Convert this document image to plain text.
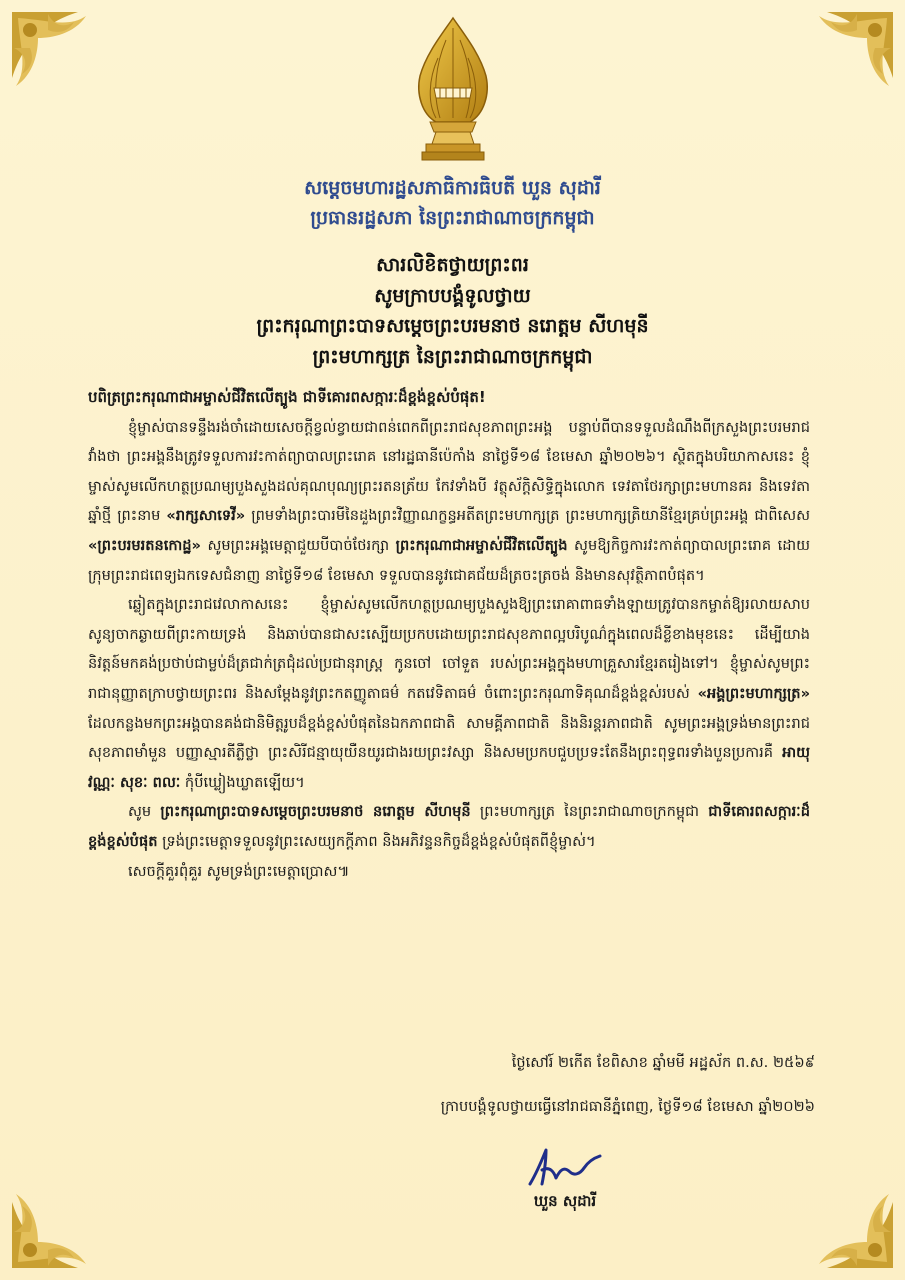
សម្តេចមហារដ្ឋសភាធិការធិបតី ឃួន សុដារី
ប្រធានរដ្ឋសភា នៃព្រះរាជាណាចក្រកម្ពុជា
សារលិខិតថ្វាយព្រះពរ
សូមក្រាបបង្គំទូលថ្វាយ
ព្រះករុណាព្រះបាទសម្តេចព្រះបរមនាថ នរោត្តម សីហមុនី
ព្រះមហាក្សត្រ នៃព្រះរាជាណាចក្រកម្ពុជា

បពិត្រព្រះករុណាជាអម្ចាស់ជីវិតលើត្បូង ជាទីគោរពសក្ការៈដ៏ខ្ពង់ខ្ពស់បំផុត!

ខ្ញុំម្ចាស់បានទន្ទឹងរង់ចាំដោយសេចក្តីខ្វល់ខ្វាយជាពន់ពេកពីព្រះរាជសុខភាពព្រះអង្គ បន្ទាប់ពីបានទទួលដំណឹងពីក្រសួងព្រះបរមរាជវាំងថា ព្រះអង្គនឹងត្រូវទទួលការវះកាត់ព្យាបាលព្រះរោគ នៅរដ្ឋធានីប៉េកាំង នាថ្ងៃទី១៨ ខែមេសា ឆ្នាំ២០២៦។ ស្ថិតក្នុងបរិយាកាសនេះ ខ្ញុំម្ចាស់សូមលើកហត្ថប្រណម្យបួងសួងដល់គុណបុណ្យព្រះរតនត្រ័យ កែវទាំងបី វត្ថុស័ក្តិសិទ្ធិក្នុងលោក ទេវតាថែរក្សាព្រះមហានគរ និងទេវតាឆ្នាំថ្មី ព្រះនាម «រាក្សសាទេវី» ព្រមទាំងព្រះបារមីនៃដួងព្រះវិញ្ញាណក្ខន្ធអតីតព្រះមហាក្សត្រ ព្រះមហាក្សត្រិយានីខ្មែរគ្រប់ព្រះអង្គ ជាពិសេស «ព្រះបរមរតនកោដ្ឋ» សូមព្រះអង្គមេត្តាជួយបីបាច់ថែរក្សា ព្រះករុណាជាអម្ចាស់ជីវិតលើត្បូង សូមឱ្យកិច្ចការវះកាត់ព្យាបាលព្រះរោគ ដោយក្រុមព្រះរាជពេទ្យឯកទេសជំនាញ នាថ្ងៃទី១៨ ខែមេសា ទទួលបាននូវជោគជ័យដ៏ត្រចះត្រចង់ និងមានសុវត្ថិភាពបំផុត។

ឆ្លៀតក្នុងព្រះរាជវេលាកាសនេះ ខ្ញុំម្ចាស់សូមលើកហត្ថប្រណម្យបួងសួងឱ្យព្រះរោគាពាធទាំងឡាយត្រូវបានកម្ចាត់ឱ្យរលាយសាបសូន្យចាកឆ្ងាយពីព្រះកាយទ្រង់ និងឆាប់បានជាសះស្បើយប្រកបដោយព្រះរាជសុខភាពល្អបរិបូណ៌ក្នុងពេលដ៏ខ្លីខាងមុខនេះ ដើម្បីយាងនិវត្តន៍មកគង់ប្រថាប់ជាម្លប់ដ៏ត្រជាក់ត្រជុំដល់ប្រជានុរាស្ត្រ កូនចៅ ចៅទួត របស់ព្រះអង្គក្នុងមហាគ្រួសារខ្មែរតរៀងទៅ។ ខ្ញុំម្ចាស់សូមព្រះរាជានុញ្ញាតក្រាបថ្វាយព្រះពរ និងសម្តែងនូវព្រះកតញ្ញូតាធម៌ កតវេទិតាធម៌ ចំពោះព្រះករុណាទិគុណដ៏ខ្ពង់ខ្ពស់របស់ «អង្គព្រះមហាក្សត្រ» ដែលកន្លងមកព្រះអង្គបានគង់ជានិមិត្តរូបដ៏ខ្ពង់ខ្ពស់បំផុតនៃឯកភាពជាតិ សាមគ្គីភាពជាតិ និងនិរន្តរភាពជាតិ សូមព្រះអង្គទ្រង់មានព្រះរាជសុខភាពមាំមួន បញ្ញាស្មារតីភ្លឺថ្លា ព្រះសិរីជន្មាយុយឺនយូរជាងរយព្រះវស្សា និងសមប្រកបជួបប្រទះតែនឹងព្រះពុទ្ធពរទាំងបួនប្រការគឺ អាយុ វណ្ណៈ សុខៈ ពលៈ កុំបីឃ្លៀងឃ្លាតឡើយ។

សូម ព្រះករុណាព្រះបាទសម្តេចព្រះបរមនាថ នរោត្តម សីហមុនី ព្រះមហាក្សត្រ នៃព្រះរាជាណាចក្រកម្ពុជា ជាទីគោរពសក្ការៈដ៏ខ្ពង់ខ្ពស់បំផុត ទ្រង់ព្រះមេត្តាទទួលនូវព្រះសេយ្យកក្តីភាព និងអភិវន្ទនកិច្ចដ៏ខ្ពង់ខ្ពស់បំផុតពីខ្ញុំម្ចាស់។

សេចក្តីគួរពុំគួរ សូមទ្រង់ព្រះមេត្តាប្រោស៕

ថ្ងៃសៅរ៍ ២កើត ខែពិសាខ ឆ្នាំមមី អដ្ឋស័ក ព.ស. ២៥៦៩
ក្រាបបង្គំទូលថ្វាយធ្វើនៅរាជធានីភ្នំពេញ, ថ្ងៃទី១៨ ខែមេសា ឆ្នាំ២០២៦
ឃួន សុដារី
